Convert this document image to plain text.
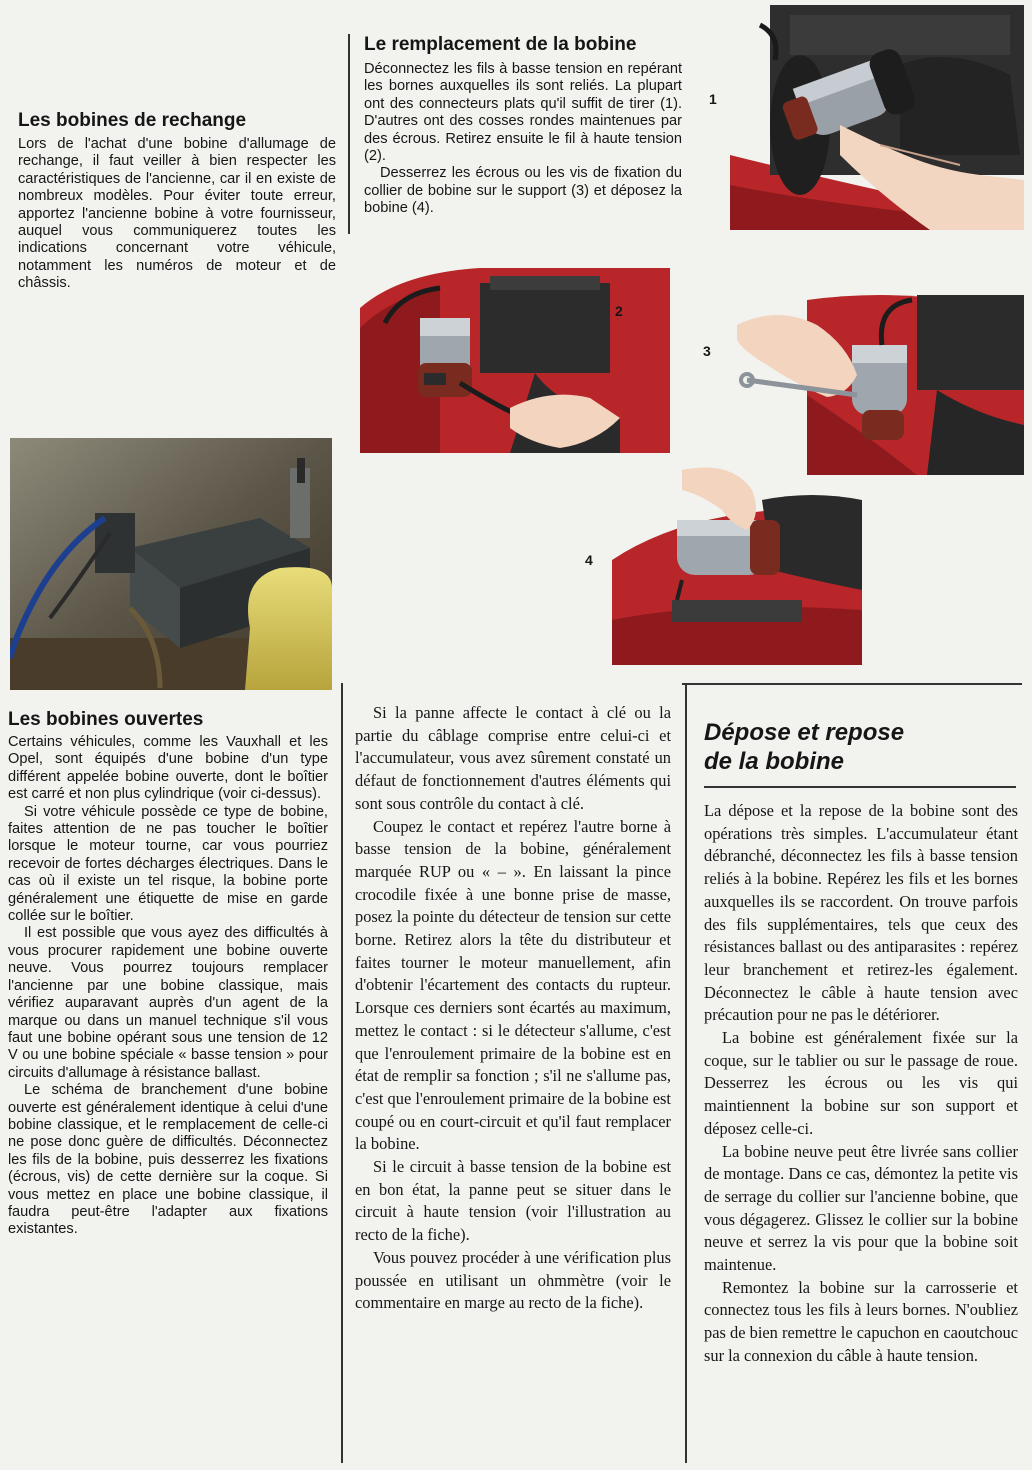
Les bobines de rechange

Lors de l'achat d'une bobine d'allumage de rechange, il faut veiller à bien respecter les caractéristiques de l'ancienne, car il en existe de nombreux modèles. Pour éviter toute erreur, apportez l'ancienne bobine à votre fournisseur, auquel vous communiquerez toutes les indications concernant votre véhicule, notamment les numéros de moteur et de châssis.

Le remplacement de la bobine

Déconnectez les fils à basse tension en repérant les bornes auxquelles ils sont reliés. La plupart ont des connecteurs plats qu'il suffit de tirer (1). D'autres ont des cosses rondes maintenues par des écrous. Retirez ensuite le fil à haute tension (2).

Desserrez les écrous ou les vis de fixation du collier de bobine sur le support (3) et déposez la bobine (4).

1
2
3
4
Les bobines ouvertes

Certains véhicules, comme les Vauxhall et les Opel, sont équipés d'une bobine d'un type différent appelée bobine ouverte, dont le boîtier est carré et non plus cylindrique (voir ci-dessus).

Si votre véhicule possède ce type de bobine, faites attention de ne pas toucher le boîtier lorsque le moteur tourne, car vous pourriez recevoir de fortes décharges électriques. Dans le cas où il existe un tel risque, la bobine porte généralement une étiquette de mise en garde collée sur le boîtier.

Il est possible que vous ayez des difficultés à vous procurer rapidement une bobine ouverte neuve. Vous pourrez toujours remplacer l'ancienne par une bobine classique, mais vérifiez auparavant auprès d'un agent de la marque ou dans un manuel technique s'il vous faut une bobine opérant sous une tension de 12 V ou une bobine spéciale « basse tension » pour circuits d'allumage à résistance ballast.

Le schéma de branchement d'une bobine ouverte est généralement identique à celui d'une bobine classique, et le remplacement de celle-ci ne pose donc guère de difficultés. Déconnectez les fils de la bobine, puis desserrez les fixations (écrous, vis) de cette dernière sur la coque. Si vous mettez en place une bobine classique, il faudra peut-être l'adapter aux fixations existantes.

Si la panne affecte le contact à clé ou la partie du câblage comprise entre celui-ci et l'accumulateur, vous avez sûrement constaté un défaut de fonctionnement d'autres éléments qui sont sous contrôle du contact à clé.

Coupez le contact et repérez l'autre borne à basse tension de la bobine, généralement marquée RUP ou « – ». En laissant la pince crocodile fixée à une bonne prise de masse, posez la pointe du détecteur de tension sur cette borne. Retirez alors la tête du distributeur et faites tourner le moteur manuellement, afin d'obtenir l'écartement des contacts du rupteur. Lorsque ces derniers sont écartés au maximum, mettez le contact : si le détecteur s'allume, c'est que l'enroulement primaire de la bobine est en état de remplir sa fonction ; s'il ne s'allume pas, c'est que l'enroulement primaire de la bobine est coupé ou en court-circuit et qu'il faut remplacer la bobine.

Si le circuit à basse tension de la bobine est en bon état, la panne peut se situer dans le circuit à haute tension (voir l'illustration au recto de la fiche).

Vous pouvez procéder à une vérification plus poussée en utilisant un ohmmètre (voir le commentaire en marge au recto de la fiche).

Dépose et repose
de la bobine

La dépose et la repose de la bobine sont des opérations très simples. L'accumulateur étant débranché, déconnectez les fils à basse tension reliés à la bobine. Repérez les fils et les bornes auxquelles ils se raccordent. On trouve parfois des fils supplémentaires, tels que ceux des résistances ballast ou des antiparasites : repérez leur branchement et retirez-les également. Déconnectez le câble à haute tension avec précaution pour ne pas le détériorer.

La bobine est généralement fixée sur la coque, sur le tablier ou sur le passage de roue. Desserrez les écrous ou les vis qui maintiennent la bobine sur son support et déposez celle-ci.

La bobine neuve peut être livrée sans collier de montage. Dans ce cas, démontez la petite vis de serrage du collier sur l'ancienne bobine, que vous dégagerez. Glissez le collier sur la bobine neuve et serrez la vis pour que la bobine soit maintenue.

Remontez la bobine sur la carrosserie et connectez tous les fils à leurs bornes. N'oubliez pas de bien remettre le capuchon en caoutchouc sur la connexion du câble à haute tension.
